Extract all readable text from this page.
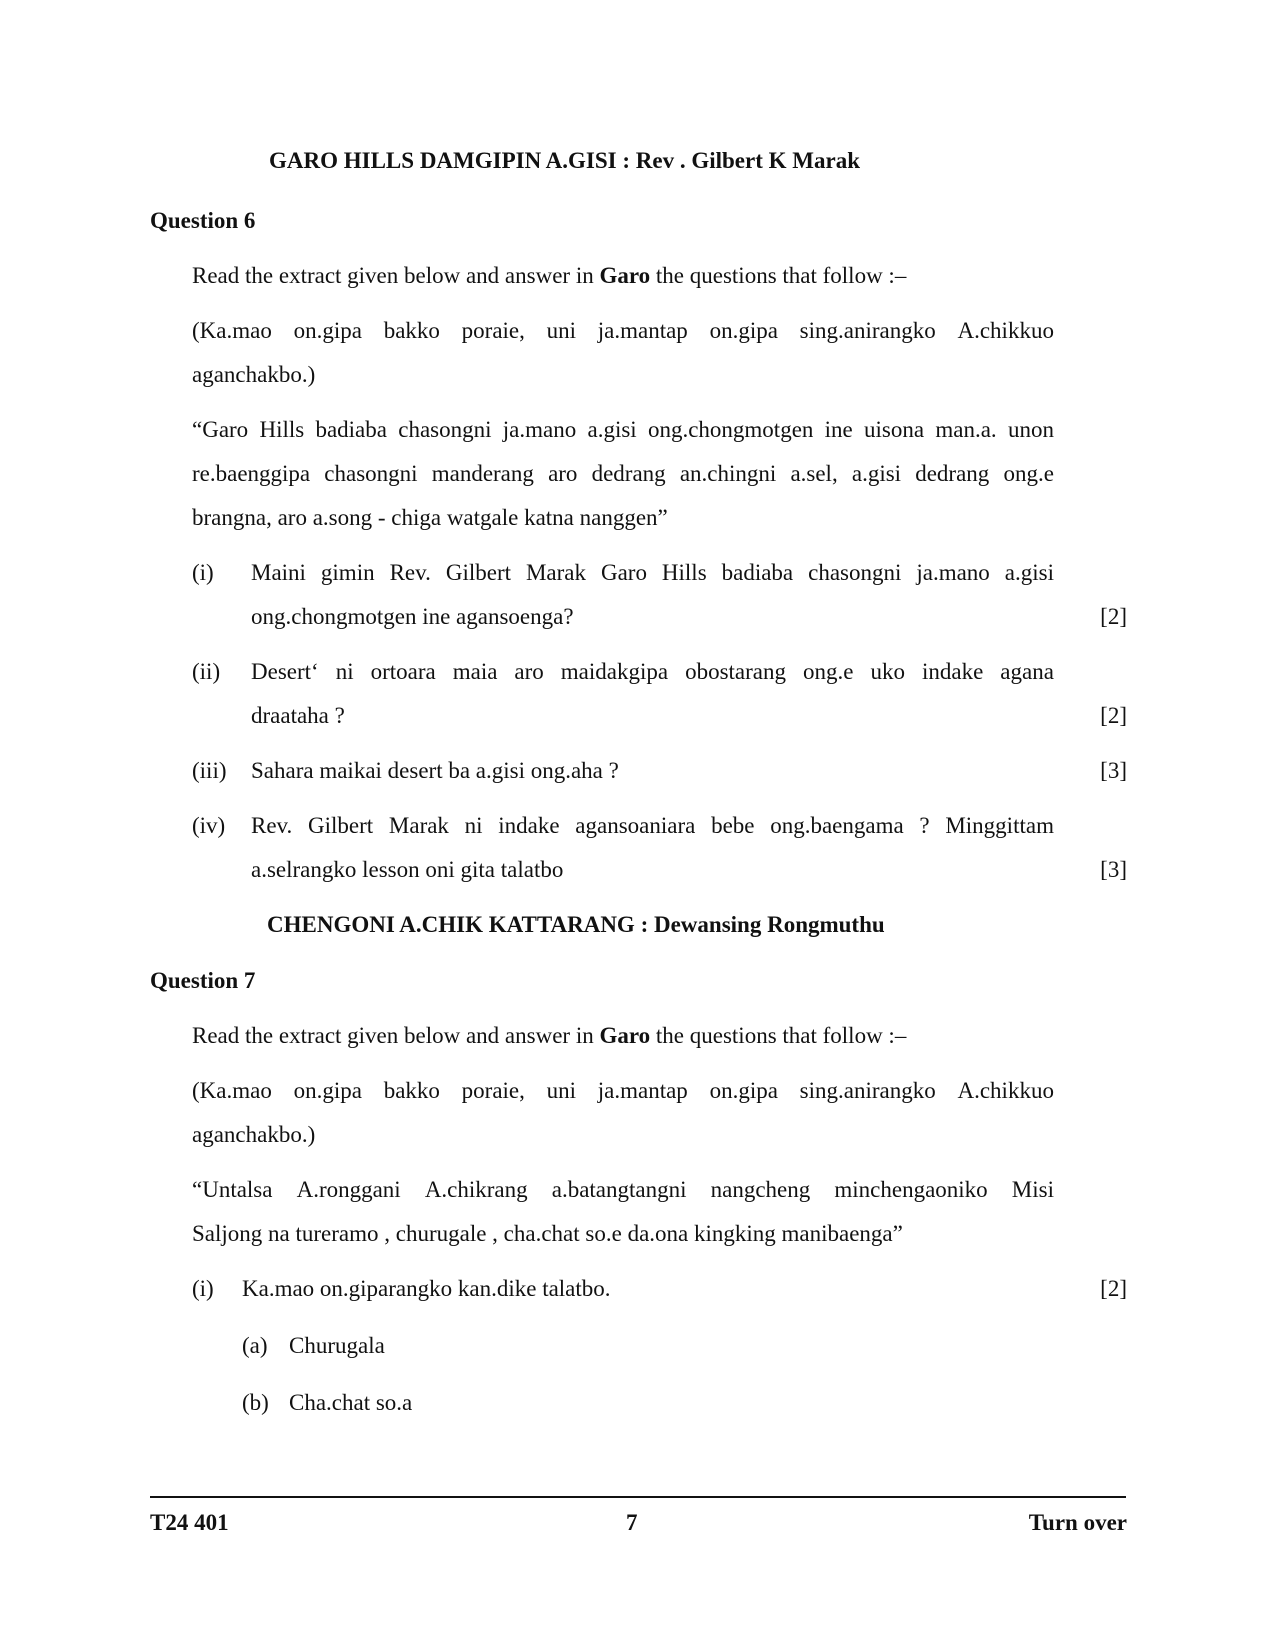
GARO HILLS DAMGIPIN A.GISI : Rev . Gilbert K Marak
Question 6
Read the extract given below and answer in Garo the questions that follow :–
(Ka.mao on.gipa bakko poraie, uni ja.mantap on.gipa sing.anirangko A.chikkuo
aganchakbo.)
“Garo Hills badiaba chasongni ja.mano a.gisi ong.chongmotgen ine uisona man.a. unon
re.baenggipa chasongni manderang aro dedrang an.chingni a.sel, a.gisi dedrang ong.e
brangna, aro a.song - chiga watgale katna nanggen”
(i) Maini gimin Rev. Gilbert Marak Garo Hills badiaba chasongni ja.mano a.gisi
ong.chongmotgen ine agansoenga?	[2]
(ii) Desert‘ ni ortoara maia aro maidakgipa obostarang ong.e uko indake agana
draataha ?	[2]
(iii) Sahara maikai desert ba a.gisi ong.aha ?	[3]
(iv) Rev. Gilbert Marak ni indake agansoaniara bebe ong.baengama ? Minggittam
a.selrangko lesson oni gita talatbo	[3]
CHENGONI A.CHIK KATTARANG : Dewansing Rongmuthu
Question 7
Read the extract given below and answer in Garo the questions that follow :–
(Ka.mao on.gipa bakko poraie, uni ja.mantap on.gipa sing.anirangko A.chikkuo
aganchakbo.)
“Untalsa A.ronggani A.chikrang a.batangtangni nangcheng minchengaoniko Misi
Saljong na tureramo , churugale , cha.chat so.e da.ona kingking manibaenga”
(i) Ka.mao on.giparangko kan.dike talatbo.	[2]
(a) Churugala
(b) Cha.chat so.a
T24 401	7	Turn over
